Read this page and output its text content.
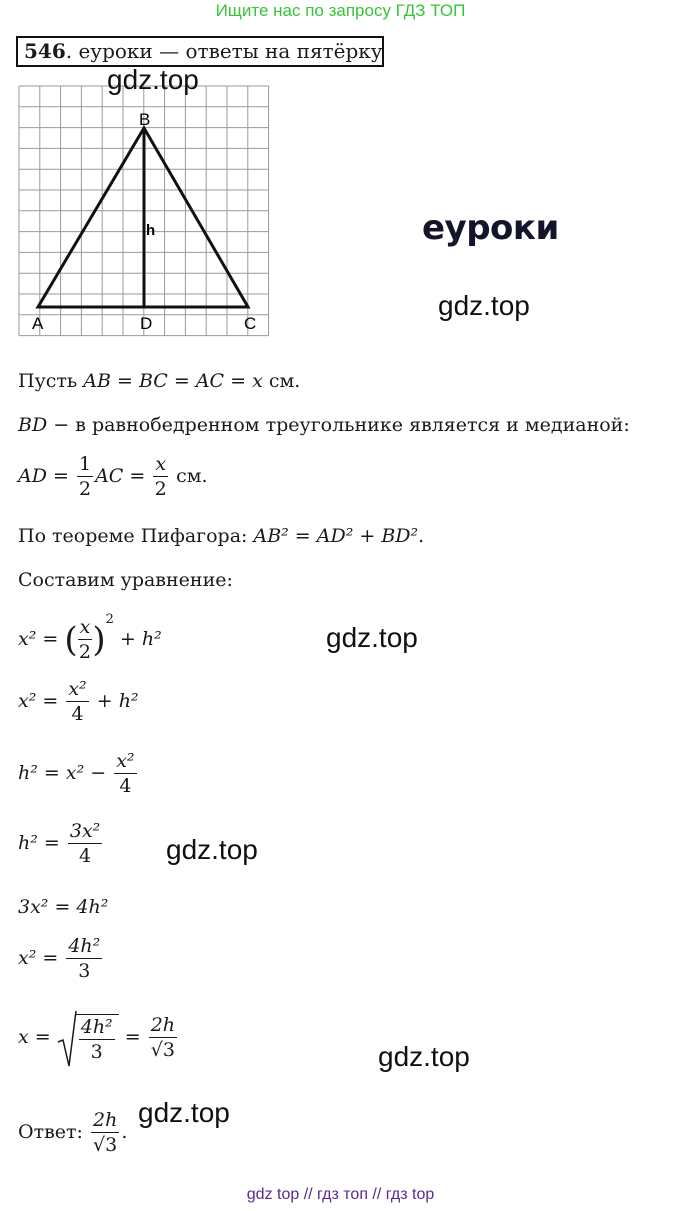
Ищите нас по запросу ГДЗ ТОП
546. еуроки — ответы на пятёрку
B
A	D	C
h
gdz.top
еуроки
gdz.top
Пусть AB = BC = AC = x см.
BD − в равнобедренном треугольнике является и медианой:
AD = $\frac{1}{2}$ AC = $\frac{x}{2}$ см.
По теореме Пифагора: AB² = AD² + BD².
Составим уравнение:
x² = ( $\frac{x}{2} )^2 + h^2$	gdz.top
$x^2 = \frac{\text{x²}}{4} + h^2$
$h^2 = x^2 - \frac{\text{x²}}{4}$
$h^2 = \frac{\text{3x²}}{4} gdz.top$
3x² = 4h²
$x^2 = \frac{\text{4h²}}{3}$
$x = \frac{\text{4h²}}{3} = \frac{2h}{√3}$	gdz.top
Ответ: $\frac{2h}{√3}$ .
gdz.top
gdz top // гдз топ // гдз top
